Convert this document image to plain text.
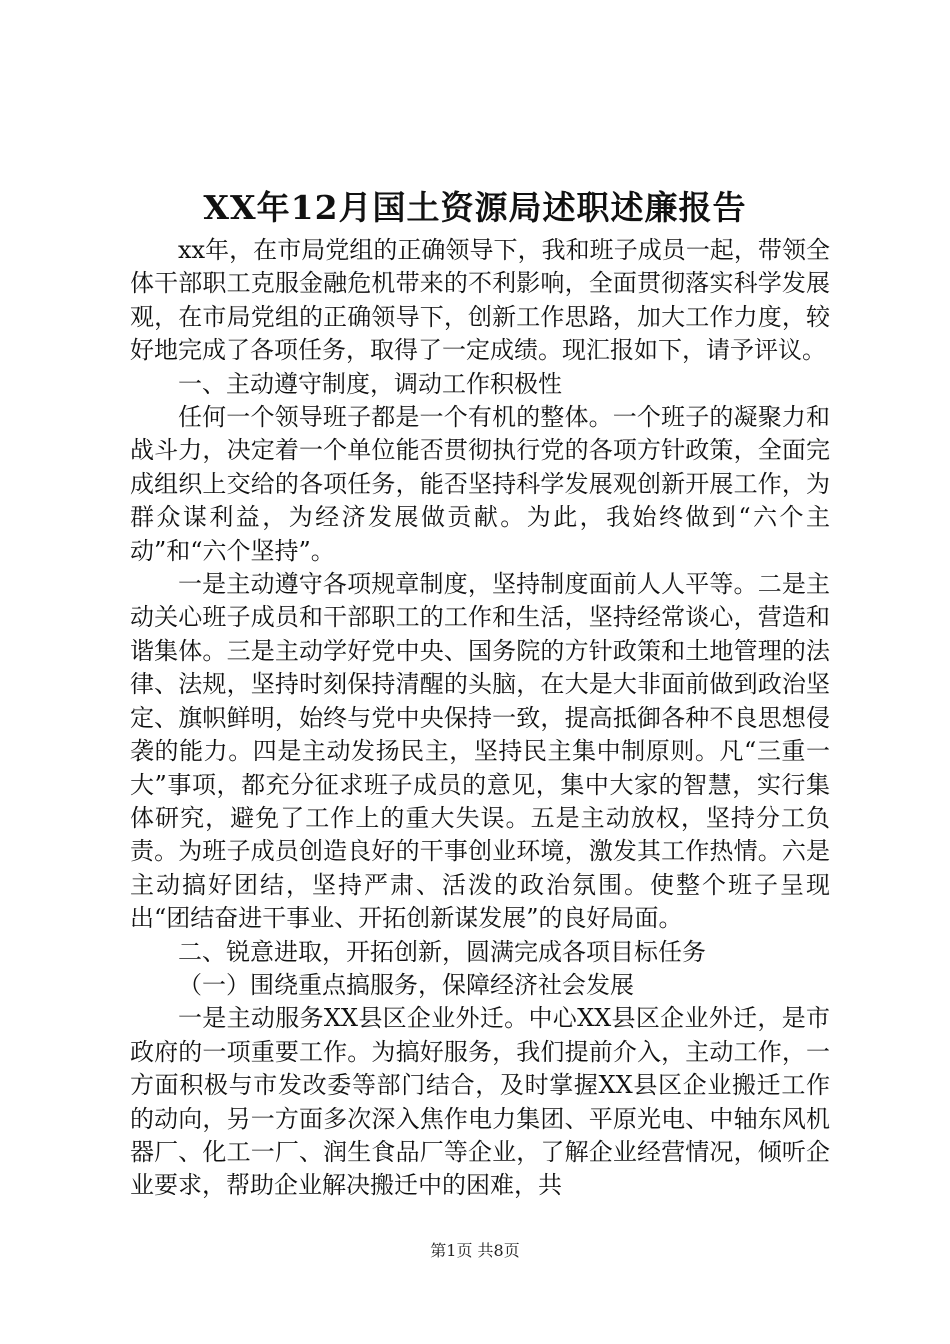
XX年12月国土资源局述职述廉报告

xx年，在市局党组的正确领导下，我和班子成员一起，带领全体干部职工克服金融危机带来的不利影响，全面贯彻落实科学发展观，在市局党组的正确领导下，创新工作思路，加大工作力度，较好地完成了各项任务，取得了一定成绩。现汇报如下，请予评议。

一、主动遵守制度，调动工作积极性

任何一个领导班子都是一个有机的整体。一个班子的凝聚力和战斗力，决定着一个单位能否贯彻执行党的各项方针政策，全面完成组织上交给的各项任务，能否坚持科学发展观创新开展工作，为群众谋利益，为经济发展做贡献。为此，我始终做到“六个主动”和“六个坚持”。

一是主动遵守各项规章制度，坚持制度面前人人平等。二是主动关心班子成员和干部职工的工作和生活，坚持经常谈心，营造和谐集体。三是主动学好党中央、国务院的方针政策和土地管理的法律、法规，坚持时刻保持清醒的头脑，在大是大非面前做到政治坚定、旗帜鲜明，始终与党中央保持一致，提高抵御各种不良思想侵袭的能力。四是主动发扬民主，坚持民主集中制原则。凡“三重一大”事项，都充分征求班子成员的意见，集中大家的智慧，实行集体研究，避免了工作上的重大失误。五是主动放权，坚持分工负责。为班子成员创造良好的干事创业环境，激发其工作热情。六是主动搞好团结，坚持严肃、活泼的政治氛围。使整个班子呈现出“团结奋进干事业、开拓创新谋发展”的良好局面。

二、锐意进取，开拓创新，圆满完成各项目标任务

（一）围绕重点搞服务，保障经济社会发展

一是主动服务XX县区企业外迁。中心XX县区企业外迁，是市政府的一项重要工作。为搞好服务，我们提前介入，主动工作，一方面积极与市发改委等部门结合，及时掌握XX县区企业搬迁工作的动向，另一方面多次深入焦作电力集团、平原光电、中轴东风机器厂、化工一厂、润生食品厂等企业，了解企业经营情况，倾听企业要求，帮助企业解决搬迁中的困难，共

第1页 共8页
